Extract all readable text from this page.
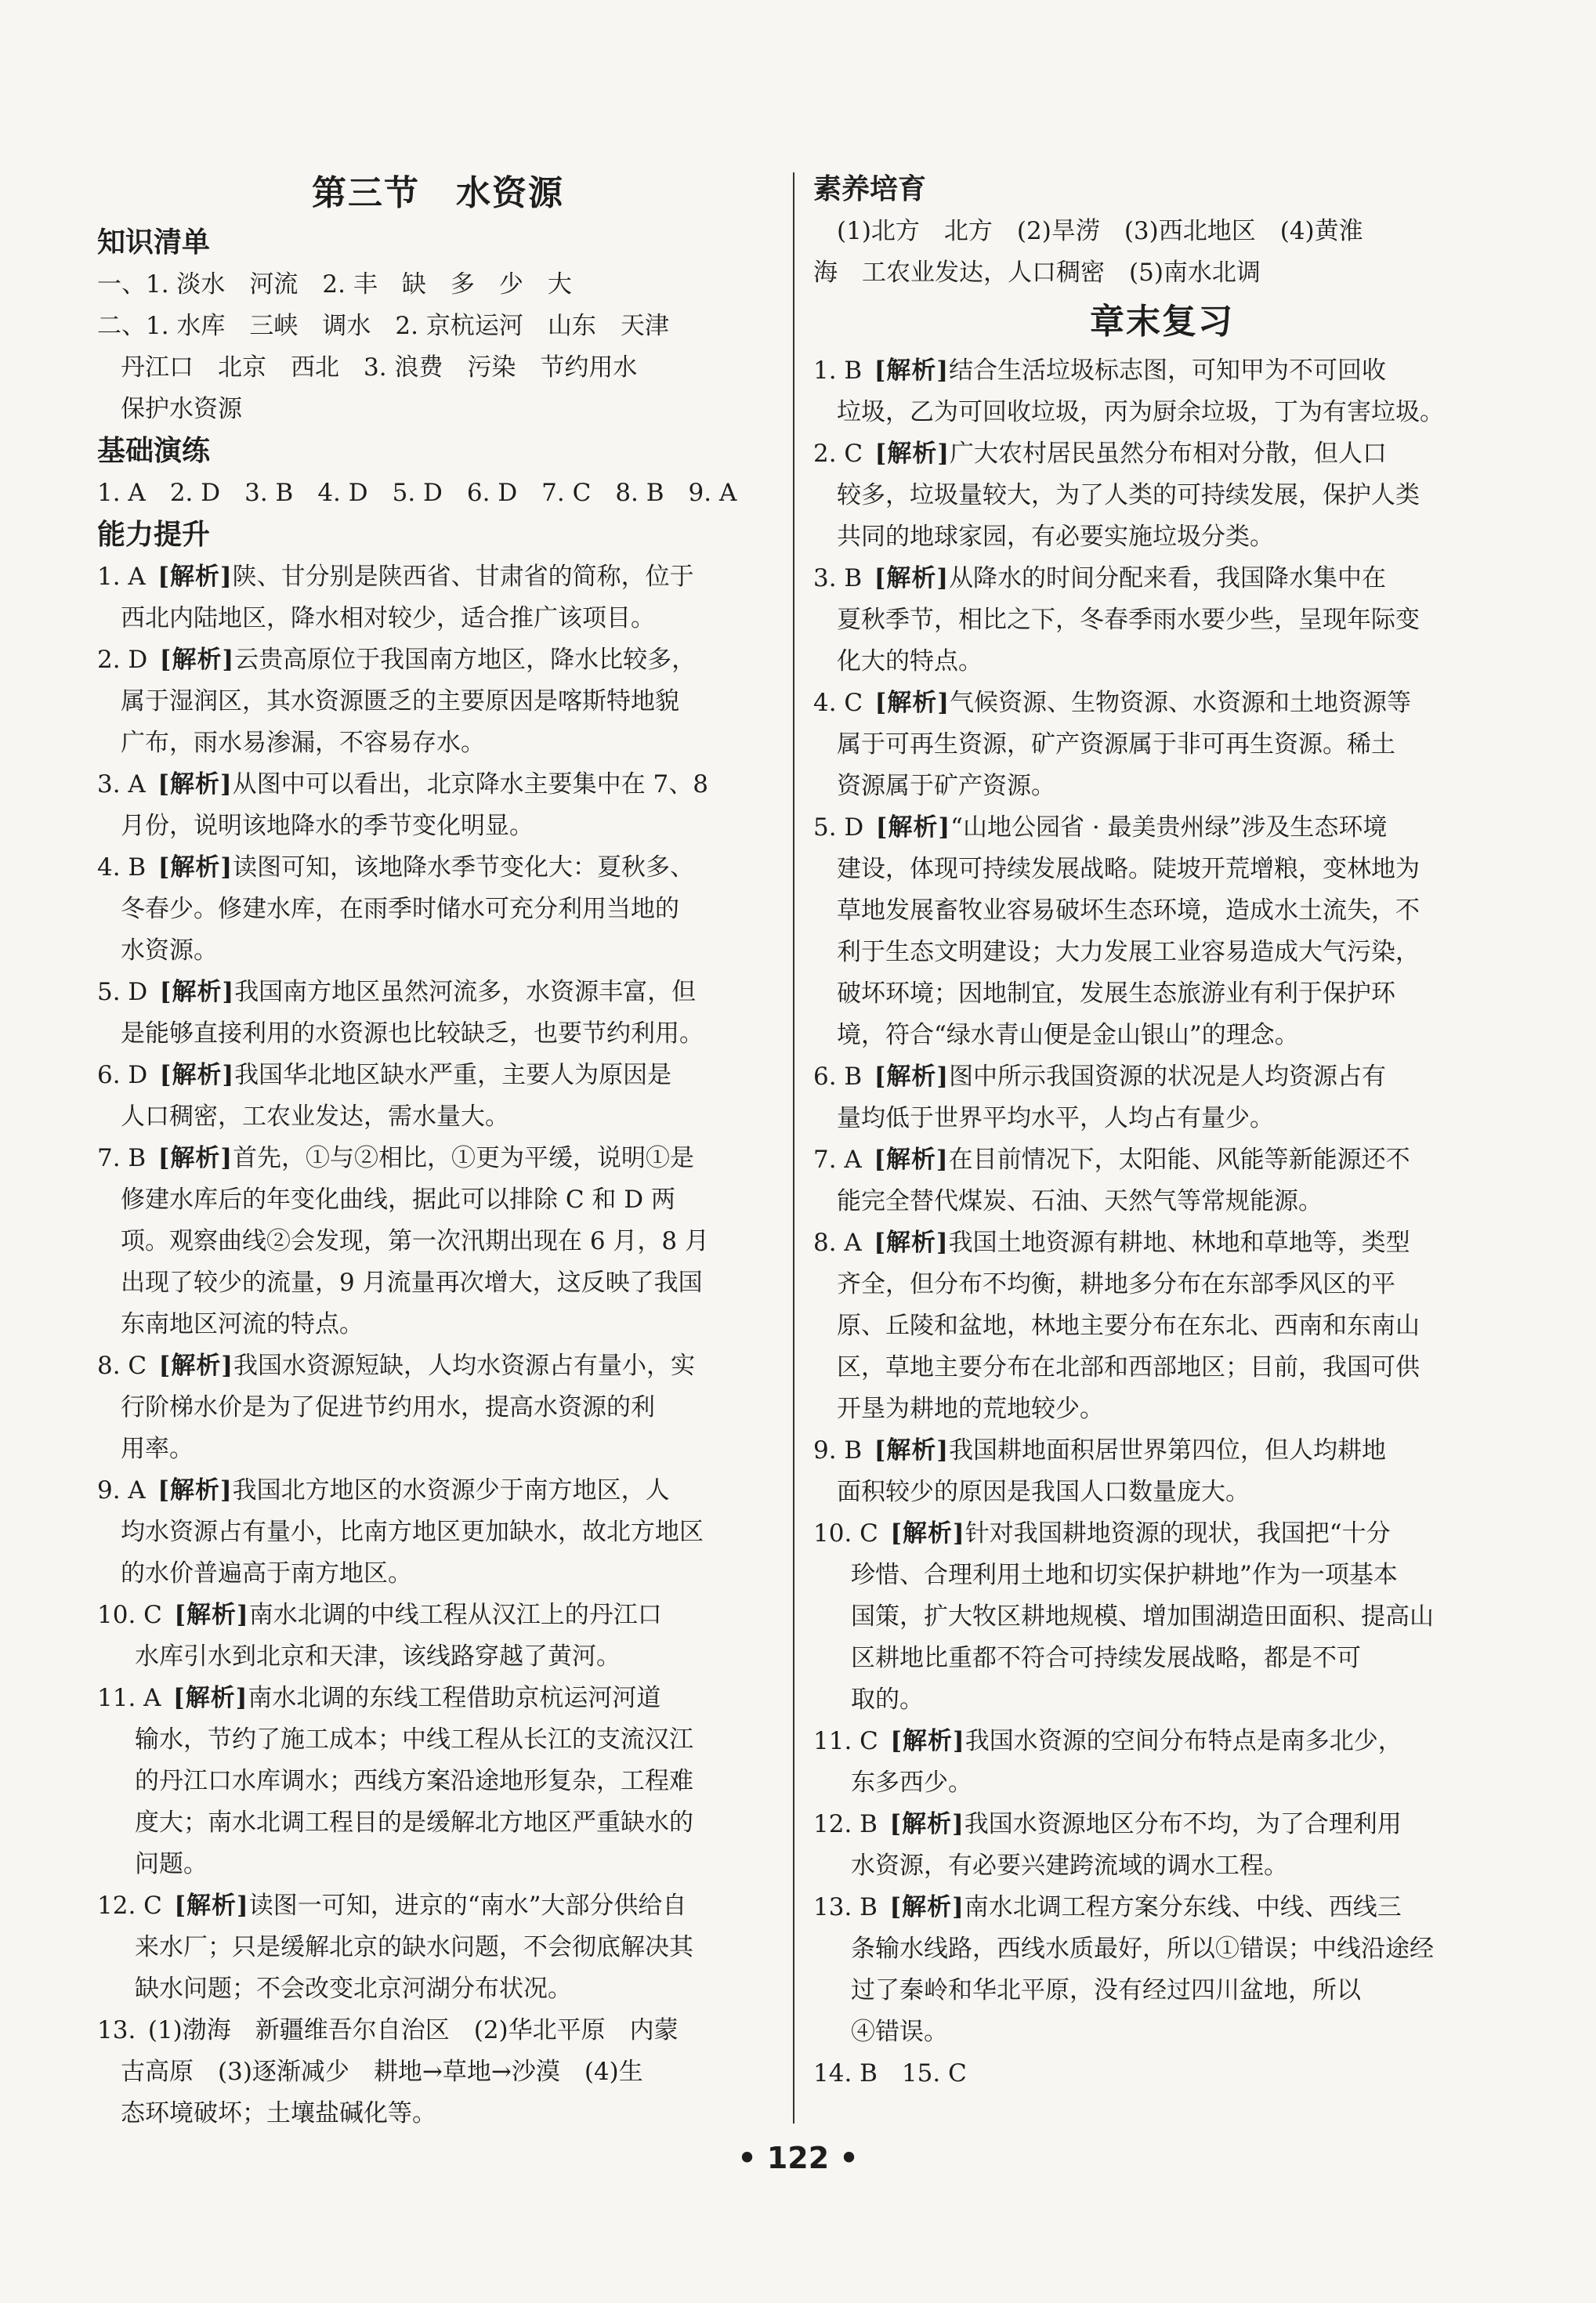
第三节　水资源
知识清单
一、1. 淡水　河流　2. 丰　缺　多　少　大
二、1. 水库　三峡　调水　2. 京杭运河　山东　天津
丹江口　北京　西北　3. 浪费　污染　节约用水
保护水资源
基础演练
1. A　2. D　3. B　4. D　5. D　6. D　7. C　8. B　9. A
能力提升
1. A  [解析]陕、甘分别是陕西省、甘肃省的简称，位于
西北内陆地区，降水相对较少，适合推广该项目。
2. D  [解析]云贵高原位于我国南方地区，降水比较多，
属于湿润区，其水资源匮乏的主要原因是喀斯特地貌
广布，雨水易渗漏，不容易存水。
3. A  [解析]从图中可以看出，北京降水主要集中在 7、8
月份，说明该地降水的季节变化明显。
4. B  [解析]读图可知，该地降水季节变化大：夏秋多、
冬春少。修建水库，在雨季时储水可充分利用当地的
水资源。
5. D  [解析]我国南方地区虽然河流多，水资源丰富，但
是能够直接利用的水资源也比较缺乏，也要节约利用。
6. D  [解析]我国华北地区缺水严重，主要人为原因是
人口稠密，工农业发达，需水量大。
7. B  [解析]首先，①与②相比，①更为平缓，说明①是
修建水库后的年变化曲线，据此可以排除 C 和 D 两
项。观察曲线②会发现，第一次汛期出现在 6 月，8 月
出现了较少的流量，9 月流量再次增大，这反映了我国
东南地区河流的特点。
8. C  [解析]我国水资源短缺，人均水资源占有量小，实
行阶梯水价是为了促进节约用水，提高水资源的利
用率。
9. A  [解析]我国北方地区的水资源少于南方地区，人
均水资源占有量小，比南方地区更加缺水，故北方地区
的水价普遍高于南方地区。
10. C  [解析]南水北调的中线工程从汉江上的丹江口
水库引水到北京和天津，该线路穿越了黄河。
11. A  [解析]南水北调的东线工程借助京杭运河河道
输水，节约了施工成本；中线工程从长江的支流汉江
的丹江口水库调水；西线方案沿途地形复杂，工程难
度大；南水北调工程目的是缓解北方地区严重缺水的
问题。
12. C  [解析]读图一可知，进京的“南水”大部分供给自
来水厂；只是缓解北京的缺水问题，不会彻底解决其
缺水问题；不会改变北京河湖分布状况。
13.  (1)渤海　新疆维吾尔自治区　(2)华北平原　内蒙
古高原　(3)逐渐减少　耕地→草地→沙漠　(4)生
态环境破坏；土壤盐碱化等。
素养培育
(1)北方　北方　(2)旱涝　(3)西北地区　(4)黄淮
海　工农业发达，人口稠密　(5)南水北调
章末复习
1. B  [解析]结合生活垃圾标志图，可知甲为不可回收
垃圾，乙为可回收垃圾，丙为厨余垃圾，丁为有害垃圾。
2. C  [解析]广大农村居民虽然分布相对分散，但人口
较多，垃圾量较大，为了人类的可持续发展，保护人类
共同的地球家园，有必要实施垃圾分类。
3. B  [解析]从降水的时间分配来看，我国降水集中在
夏秋季节，相比之下，冬春季雨水要少些，呈现年际变
化大的特点。
4. C  [解析]气候资源、生物资源、水资源和土地资源等
属于可再生资源，矿产资源属于非可再生资源。稀土
资源属于矿产资源。
5. D  [解析]“山地公园省 · 最美贵州绿”涉及生态环境
建设，体现可持续发展战略。陡坡开荒增粮，变林地为
草地发展畜牧业容易破坏生态环境，造成水土流失，不
利于生态文明建设；大力发展工业容易造成大气污染，
破坏环境；因地制宜，发展生态旅游业有利于保护环
境，符合“绿水青山便是金山银山”的理念。
6. B  [解析]图中所示我国资源的状况是人均资源占有
量均低于世界平均水平，人均占有量少。
7. A  [解析]在目前情况下，太阳能、风能等新能源还不
能完全替代煤炭、石油、天然气等常规能源。
8. A  [解析]我国土地资源有耕地、林地和草地等，类型
齐全，但分布不均衡，耕地多分布在东部季风区的平
原、丘陵和盆地，林地主要分布在东北、西南和东南山
区，草地主要分布在北部和西部地区；目前，我国可供
开垦为耕地的荒地较少。
9. B  [解析]我国耕地面积居世界第四位，但人均耕地
面积较少的原因是我国人口数量庞大。
10. C  [解析]针对我国耕地资源的现状，我国把“十分
珍惜、合理利用土地和切实保护耕地”作为一项基本
国策，扩大牧区耕地规模、增加围湖造田面积、提高山
区耕地比重都不符合可持续发展战略，都是不可
取的。
11. C  [解析]我国水资源的空间分布特点是南多北少，
东多西少。
12. B  [解析]我国水资源地区分布不均，为了合理利用
水资源，有必要兴建跨流域的调水工程。
13. B  [解析]南水北调工程方案分东线、中线、西线三
条输水线路，西线水质最好，所以①错误；中线沿途经
过了秦岭和华北平原，没有经过四川盆地，所以
④错误。
14. B　15. C 
• 122 •
